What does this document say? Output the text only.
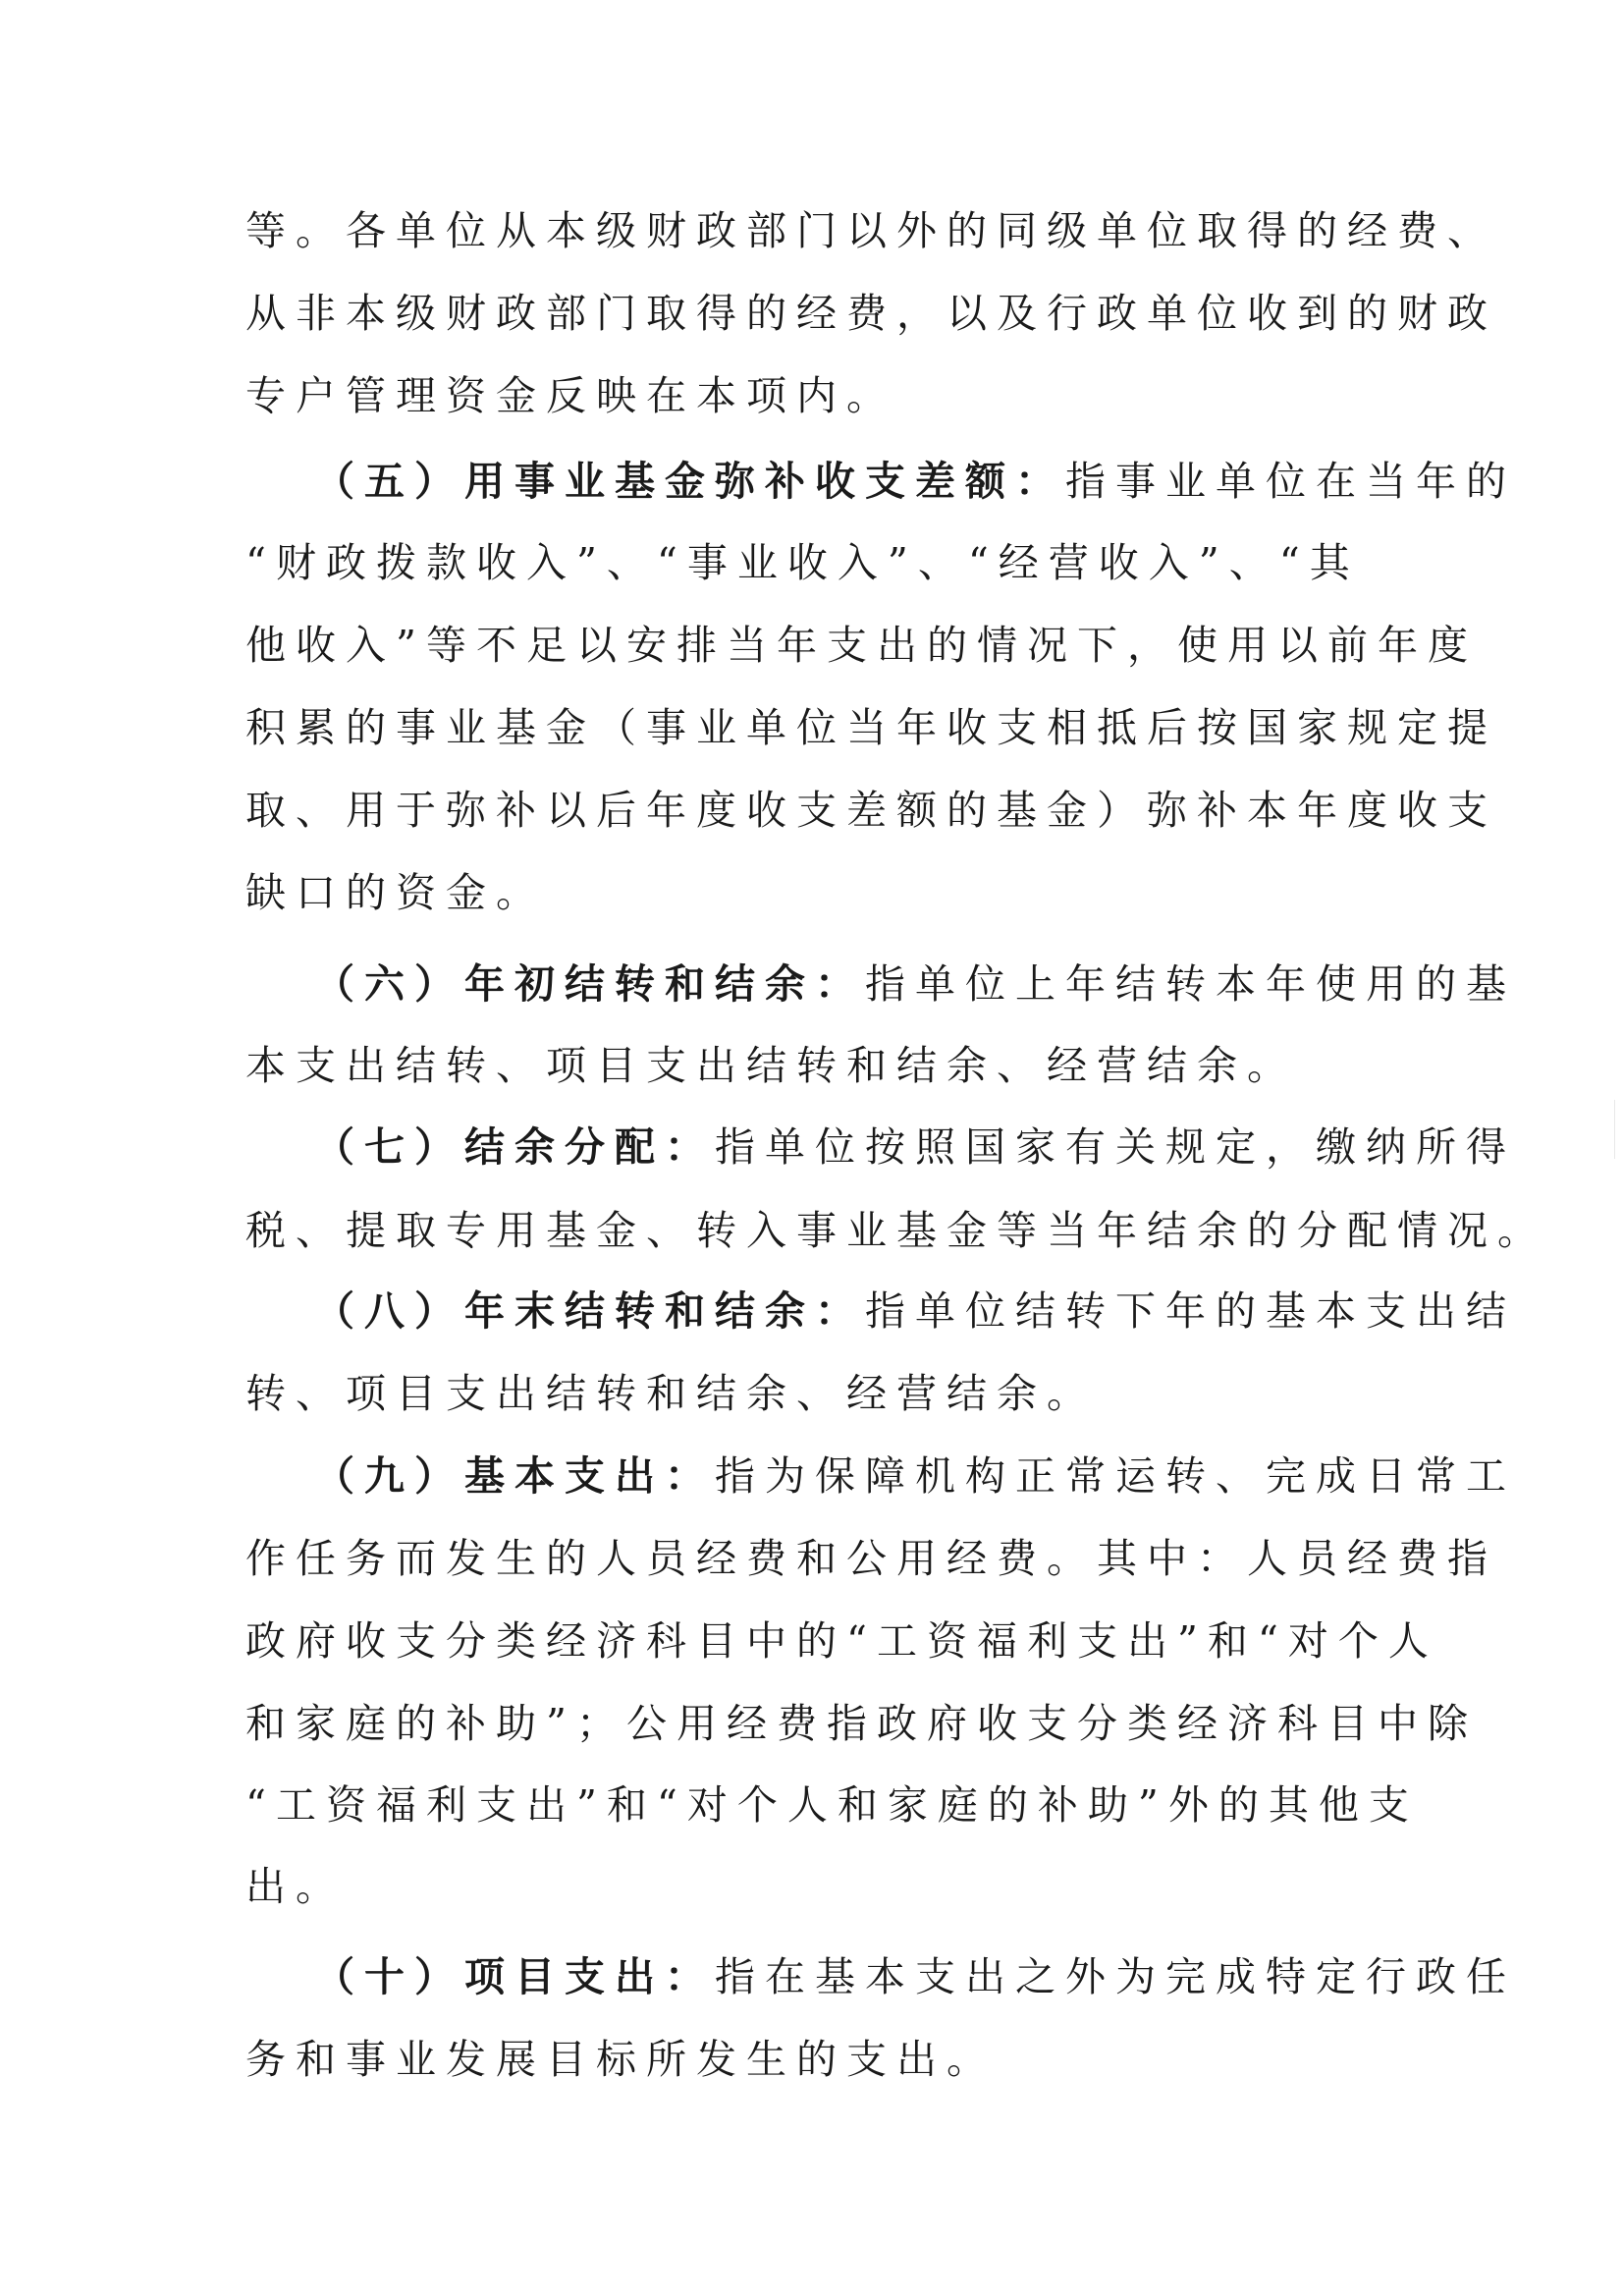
等。各单位从本级财政部门以外的同级单位取得的经费、
从非本级财政部门取得的经费，以及行政单位收到的财政
专户管理资金反映在本项内。
（五）用事业基金弥补收支差额：指事业单位在当年的
“财政拨款收入”、“事业收入”、“经营收入”、“其
他收入”等不足以安排当年支出的情况下，使用以前年度
积累的事业基金（事业单位当年收支相抵后按国家规定提
取、用于弥补以后年度收支差额的基金）弥补本年度收支
缺口的资金。
（六）年初结转和结余：指单位上年结转本年使用的基
本支出结转、项目支出结转和结余、经营结余。
（七）结余分配：指单位按照国家有关规定，缴纳所得
税、提取专用基金、转入事业基金等当年结余的分配情况。
（八）年末结转和结余：指单位结转下年的基本支出结
转、项目支出结转和结余、经营结余。
（九）基本支出：指为保障机构正常运转、完成日常工
作任务而发生的人员经费和公用经费。其中：人员经费指
政府收支分类经济科目中的“工资福利支出”和“对个人
和家庭的补助”；公用经费指政府收支分类经济科目中除
“工资福利支出”和“对个人和家庭的补助”外的其他支
出。
（十）项目支出：指在基本支出之外为完成特定行政任
务和事业发展目标所发生的支出。
